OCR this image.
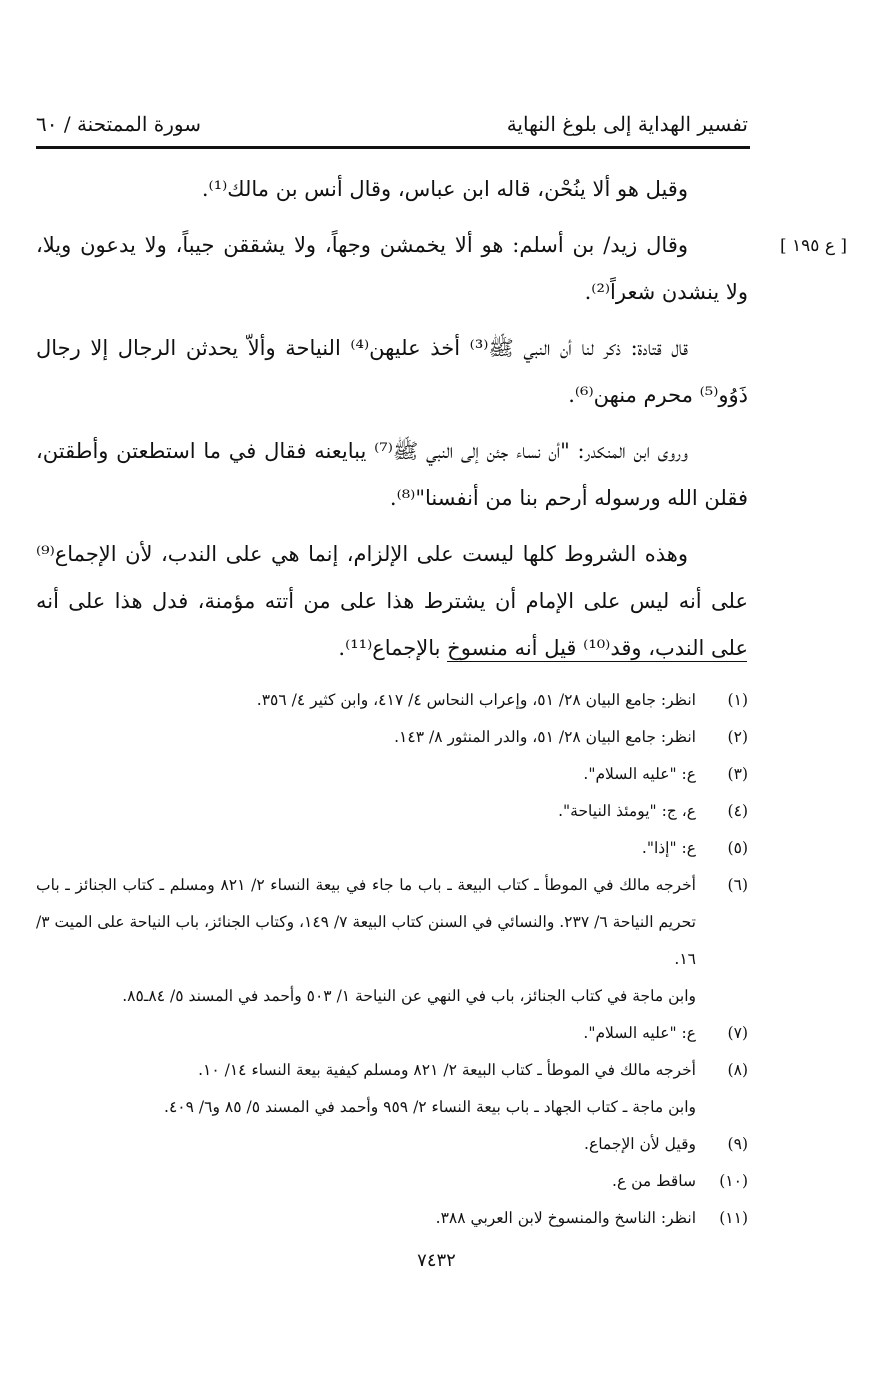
تفسير الهداية إلى بلوغ النهاية
سورة الممتحنة / ٦٠
[ ع ١٩٥ ]

وقيل هو ألا ينُحْن، قاله ابن عباس، وقال أنس بن مالك⁽¹⁾.

وقال زيد/ بن أسلم: هو ألا يخمشن وجهاً، ولا يشققن جيباً، ولا يدعون ويلا، ولا ينشدن شعراً⁽²⁾.

قال قتادة: ذكر لنا أن النبي ﷺ⁽³⁾ أخذ عليهن⁽⁴⁾ النياحة وألاّ يحدثن الرجال إلا رجال ذَوُو⁽⁵⁾ محرم منهن⁽⁶⁾.

وروى ابن المنكدر: "أن نساء جئن إلى النبي ﷺ⁽⁷⁾ يبايعنه فقال في ما استطعتن وأطقتن، فقلن الله ورسوله أرحم بنا من أنفسنا"⁽⁸⁾.

وهذه الشروط كلها ليست على الإلزام، إنما هي على الندب، لأن الإجماع⁽⁹⁾ على أنه ليس على الإمام أن يشترط هذا على من أتته مؤمنة، فدل هذا على أنه على الندب، وقد⁽¹⁰⁾ قيل أنه منسوخ بالإجماع⁽¹¹⁾.

(١)
انظر: جامع البيان ٢٨/ ٥١، وإعراب النحاس ٤/ ٤١٧، وابن كثير ٤/ ٣٥٦.
(٢)
انظر: جامع البيان ٢٨/ ٥١، والدر المنثور ٨/ ١٤٣.
(٣)
ع: "عليه السلام".
(٤)
ع، ج: "يومئذ النياحة".
(٥)
ع: "إذا".
(٦)
أخرجه مالك في الموطأ ـ كتاب البيعة ـ باب ما جاء في بيعة النساء ٢/ ٨٢١ ومسلم ـ كتاب الجنائز ـ باب تحريم النياحة ٦/ ٢٣٧. والنسائي في السنن كتاب البيعة ٧/ ١٤٩، وكتاب الجنائز، باب النياحة على الميت ٣/ ١٦.
وابن ماجة في كتاب الجنائز، باب في النهي عن النياحة ١/ ٥٠٣ وأحمد في المسند ٥/ ٨٤ـ٨٥.
(٧)
ع: "عليه السلام".
(٨)
أخرجه مالك في الموطأ ـ كتاب البيعة ٢/ ٨٢١ ومسلم كيفية بيعة النساء ١٤/ ١٠.
وابن ماجة ـ كتاب الجهاد ـ باب بيعة النساء ٢/ ٩٥٩ وأحمد في المسند ٥/ ٨٥ و٦/ ٤٠٩.
(٩)
وقيل لأن الإجماع.
(١٠)
ساقط من ع.
(١١)
انظر: الناسخ والمنسوخ لابن العربي ٣٨٨.
٧٤٣٢
